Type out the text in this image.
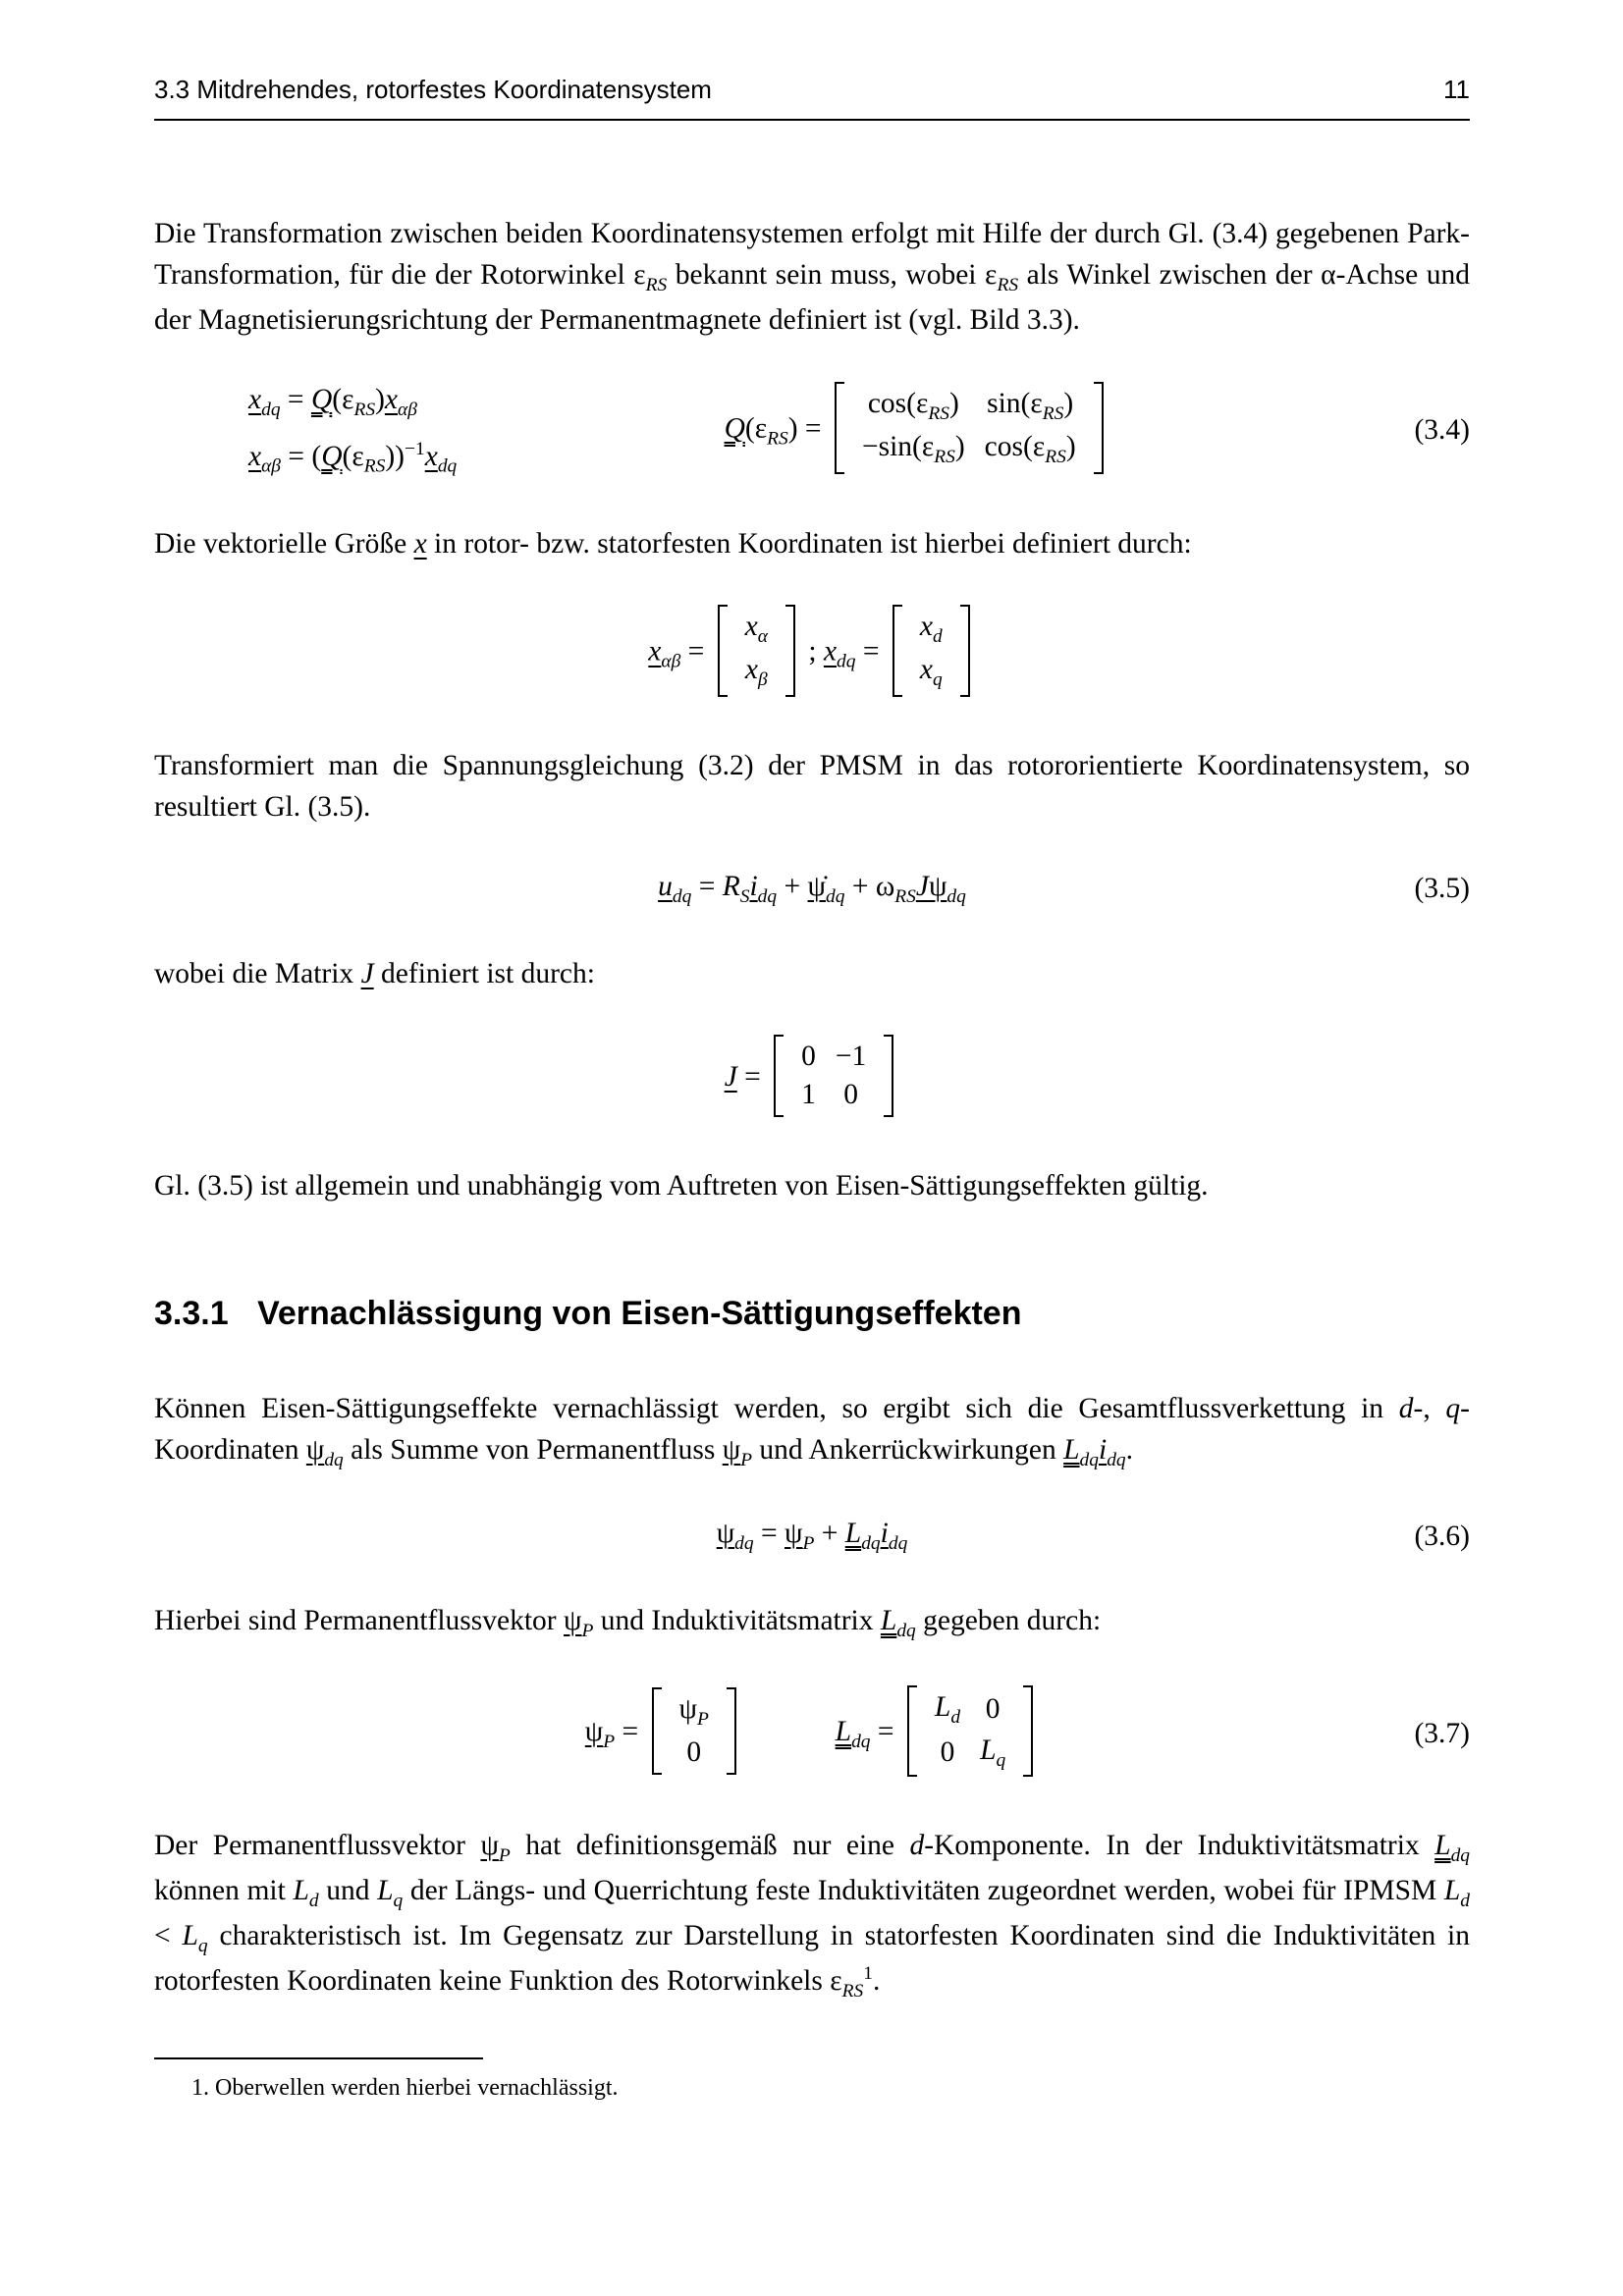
3.3 Mitdrehendes, rotorfestes Koordinatensystem	11

Die Transformation zwischen beiden Koordinatensystemen erfolgt mit Hilfe der durch Gl. (3.4) gegebenen Park-Transformation, für die der Rotorwinkel $\varepsilon_{RS}$ bekannt sein muss, wobei $\varepsilon_{RS}$ als Winkel zwischen der α-Achse und der Magnetisierungsrichtung der Permanentmagnete definiert ist (vgl. Bild 3.3).

$x_{dq} = Q(\varepsilon_{RS})x_{\alpha\beta}$
$x_{\alpha\beta} = (Q(\varepsilon_{RS}))^{-1}x_{dq}$
$Q(\varepsilon_{RS})$ =
$\cos(\varepsilon_{RS})$	$\sin(\varepsilon_{RS})$
$-\sin(\varepsilon_{RS})$	$\cos(\varepsilon_{RS})$
(3.4)

Die vektorielle Größe x in rotor- bzw. statorfesten Koordinaten ist hierbei definiert durch:

$x_{\alpha\beta}$ =
$x_\alpha$
$x_\beta$
; $x_{dq}$ =
$x_d$
$x_q$

Transformiert man die Spannungsgleichung (3.2) der PMSM in das rotororientierte Koordinatensystem, so resultiert Gl. (3.5).

$u_{dq} = R_Si_{dq}$ + $\psi̇_{dq} + \omega_{RS}J\psi_{dq}$	(3.5)

wobei die Matrix J definiert ist durch:

J =
0	−1
1	0

Gl. (3.5) ist allgemein und unabhängig vom Auftreten von Eisen-Sättigungseffekten gültig.

3.3.1 Vernachlässigung von Eisen-Sättigungseffekten

Können Eisen-Sättigungseffekte vernachlässigt werden, so ergibt sich die Gesamtflussverkettung in d-, q-Koordinaten $\psi_{dq}$ als Summe von Permanentfluss $\psi_P$ und Ankerrückwirkungen $L_{dq}i_{dq}$.

$\psi_{dq} = \psi_P + L_{dq}i_{dq}$	(3.6)

Hierbei sind Permanentflussvektor $\psi_P$ und Induktivitätsmatrix $L_{dq}$ gegeben durch:

$\psi_P$ =
$\psi_P$
0
$L_{dq}$ =
$L_d$	0
0	$L_q$
(3.7)

Der Permanentflussvektor $\psi_P$ hat definitionsgemäß nur eine d-Komponente. In der Induktivitätsmatrix $L_{dq}$ können mit $L_d$ und $L_q$ der Längs- und Querrichtung feste Induktivitäten zugeordnet werden, wobei für IPMSM $L_d < L_q$ charakteristisch ist. Im Gegensatz zur Darstellung in statorfesten Koordinaten sind die Induktivitäten in rotorfesten Koordinaten keine Funktion des Rotorwinkels $\varepsilon_{RS}^1$.

1. Oberwellen werden hierbei vernachlässigt.
